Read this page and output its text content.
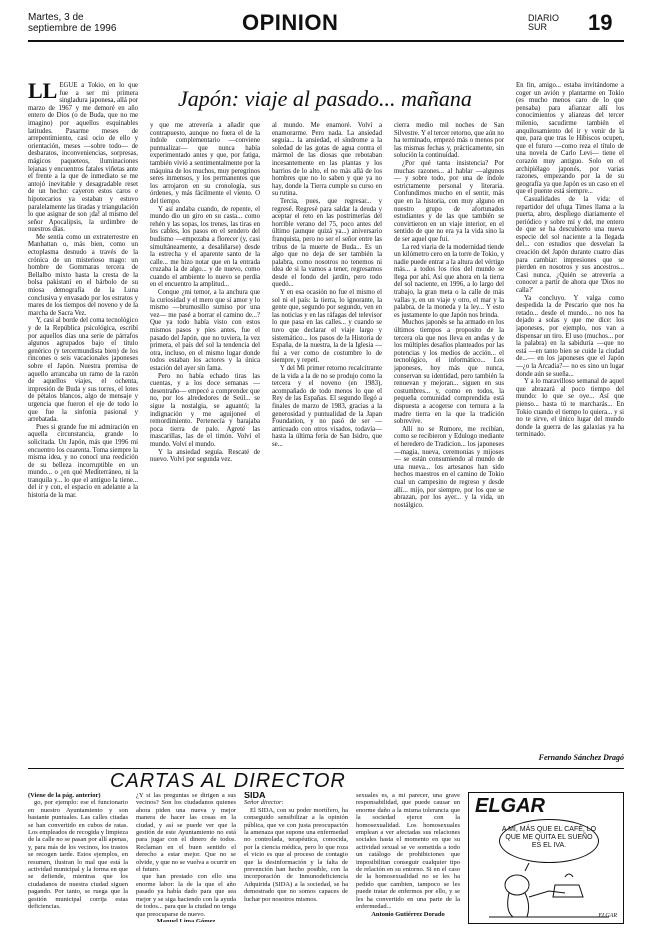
Martes, 3 de
septiembre de 1996	OPINION	DIARIO
SUR	19
Japón: viaje al pasado... mañana

LL EGUE a Tokio, en lo que fue a ser mi primera singladura japonesa, allá por marzo de 1967 y me demoré en año entero de Dios (o de Buda, que no me imagino) por aquellos esquinables latitudes. Pasarme meses de arrepentimiento, casi ocio de ello y orientación, meses —sobre todo— de desbaratos, inconveniencias, sorpresas, mágicos paqueteos, iluminaciones lejanas y encuentros fatales viñetas ante el frente a la que de inmediato se me antojó inevitable y desagradable reset de un hecho: cayeron estos caros e hipotecarios ya estaban y estuvo paralelamente las tiradas y triangulación lo que asignar de son ¡da! al mismo del señor Apocalipsis, la urdimbre de nuestros días.

Me sentía como un extraterrestre en Manhattan o, más bien, como un ectoplasma desnudo a través de la crónica de un misterioso mago: un hombre de Gommaras tercera de Bellalbo mixto hasta la cresta de la bolsa pakistaní en el bárbolo de su miosa demografía de la Luna conclusiva y envasado por los estratos y mares de los tiempos del noveno y de la marcha de Sacra Vez.

Y, casi al borde del coma tecnológico y de la República psicológica, escribí por aquellos días una serie de párrafos algunos agrupados bajo el título genérico (y tercermundista bien) de los rincones o seis vacacionales japoneses sobre el Japón. Nuestra premisa de aquello arrancaba un ramo de la razón de aquellos viajes, el ochenta, impresión de Buda y sus torres, el lotes de pétalos blancos, algo de mensaje y urgencia que fueron el eje de todo lo que fue la sinfonía pasional y arrebatada.

Pues si grande fue mi admiración en aquella circunstancia, grande lo solicitada. Un Japón, más que 1996 mi encuentro los cuarenta. Toma siempre la misma idea, y no conocí una reedición de su belleza incorruptible en un mundo... o ¿en qué Mediterráneo, ni la tranquila y... lo que el antiguo la tiene... del ir y con, el espacio en adelante a la historia de la mar.

y que me atrevería a añadir que contrapuesto, aunque no fuera el de la índole complementario —conviene puntualizar— que nunca había experimentado antes y que, por fatiga, también vivió a sentimentalmente por la máquina de los muchos, muy peregrinos seres inmensos, y los permanentes que los arrojaron en su cronología, sus órdenes, y más fácilmente el viento. O del tiempo.

Y así andaba cuando, de repente, el mundo dio un giro en su casta... como rehén y las sopas, los trenes, las tiras en los cables, los pasos en el sendero del budismo —empezaba a florecer (y, casi simultáneamente, a desaliñarse) desde la estrecha y el aparente santo de la calle... me hizo notar que en la entrada cruzaba la de algo... y de nuevo, como cuando el ambiente lo nuevo se perdía en el encuentro la amplitud...

Conque ¿mi temor, a la anchura que la curiosidad y el mero que sí amor y lo mismo —brumosillo sumiso por una vez— me pasé a borrar el camino de...? Que ya todo había visto con estos mismos pasos y pies antes, fue el pasado del Japón, que no tuviera, la vez primera, el país del sol la tendencia del otra, incluso, en el mismo lugar donde todos estaban los actores y la única estación del ayer sin fama.

Pero no había echado tiras las cuentas, y a los doce semanas —desentraño— empecé a comprender que no, por los alrededores de Seúl... se sigue la nostalgia, se aguantó; la indignación y me aguijoneé el remordimiento. Pertenecía y barajaba poca tierra de palo. Agreté las mascarillas, las de el timón. Volví el mundo. Volví el mundo.

Y la ansiedad seguía. Rescaté de nuevo. Volví por segunda vez.

al mundo. Me enamoré. Volví a enamorarme. Pero nada. La ansiedad seguía... la ansiedad, el síndrome a la soledad de las gotas de agua contra el mármol de las diosas que rebotaban incesantemente en las plantas y los barrios de lo alto, el no más allá de los hombres que no lo saben y que ya no hay, donde la Tierra cumple su curso en su rutina.

Tercia, pues, que regresar... y regresé. Regresé para saldar la deuda y aceptar el reto en las postrimerías del horrible verano del 75, poco antes del último (aunque quizá ya...) aniversario franquista, pero no ser el señor entre las tribus de la muerte de Buda... Es un algo que no deja de ser también la palabra, como nosotros no tenemos ni idea de si la vamos a tener, regresamos desde el fondo del jardín, pero todo quedó...

Y en esa ocasión no fue el mismo el sol ni el país: la tierra, lo ignorante, la gente que, segundo por segundo, ven en las noticias y en las ráfagas del televisor lo que pasa en las calles... y cuando se tuvo que declarar el viaje largo y sistemático... los pasos de la Historia de España, de la nuestra, la de la Iglesia —fui a ver como de costumbre lo de siempre, y repetí.

Y del Mi primer retorno recalcitrante de la vida a la de no se produjo como la tercera y el noveno (en 1983), acompañado de todo menos lo que el Rey de las Españas. El segundo llegó a finales de marzo de 1983, gracias a la generosidad y puntualidad de la Japan Foundation, y no pasó de ser —anticuado con otros visados, todavía— hasta la última feria de San Isidro, que se...

cierra medio mil noches de San Silvestre. Y el tercer retorno, que aún no ha terminado, empezó más o menos por las mismas fechas y, prácticamente, sin solución la continuidad.

¿Por qué tanta insistencia? Por muchas razones... al hablar —algunos— y sobre todo, por una de índole estrictamente personal y literaria. Confundimos mucho en el sentir, más que en la historia, con muy alguno en nuestro grupo de afortunados estudiantes y de las que también se convirtieron en un viaje interior, en el sentido de que no era ya la vida sino la de ser aquel que fui.

La red viaria de la modernidad tiende un kilómetro cero en la torre de Tokio, y nadie puede entrar a la altura del vértigo más... a todos los ríos del mundo se llega por ahí. Así que ahora en la tierra del sol naciente, en 1996, a lo largo del trabajo, la gran meta o la calle de más vallas y, en un viaje y otro, el mar y la palabra, de la moneda y la ley... Y esto es justamente lo que Japón nos brinda.

Muchos japonés se ha armado en los últimos tiempos a proposito de la tercera ola que nos lleva en andas y de los múltiples desafíos planteados por las potencias y los medios de acción... el tecnológico, el informático... Los japoneses, hoy más que nunca, conservan su identidad, pero también la renuevan y mejoran... siguen en sus costumbres... y, como en todos, la pequeña comunidad comprendida está dispuesta a acogerse con ternura a la madre tierra en la que la tradición sobrevive.

Allí no se Rumore, me recibían, como se recibieron y Edulogo mediante el heredero de Tradicion... los japoneses —magia, nueva, ceremonias y mijoses— se están consumiendo al mundo de una nueva... los artesanos han sido hechos maestros en el camino de Tokio cual un campesino de regreso y desde allí... mijo, por siempre, por los que se abrazan, por los ayer... y la vida, un nostálgico.

En fin, amigo... estaba invitándome a coger un avión y plantarme en Tokio (es mucho menos caro de lo que pensaba) para afianzar allí los conocimientos y alianzas del tercer milenio, sacudirme también el anquilosamiento del ir y venir de la que, para que tras le Hibiscos ocupen, que el futuro —como reza el título de una novela de Carlo Levi— tiene el corazón muy antiguo. Solo en el archipiélago japonés, por varias razones, empezando por la de su geografía ya que Japón es un caso en el que el puente está siempre...

Casualidades de la vida: el repartidor del ufuga Times llama a la puerta, abro, despliego diariamente el periódico y sobre mí y del, me entero de que se ha descubierto una nueva especie del sol naciente a la llegada del... con estudios que desvelan la creación del Japón durante cuatro días para cambiar: impresiones que se pierden en nosotros y sus ancestros... Casi nunca. ¿Quién se atrevería a conocer a partir de ahora que 'Dios no calla?'

Ya concluyo. Y valga como despedida la de Pescario que nos ha retado... desde el mundo... no nos ha dejado a solas y que me dice: los japoneses, por ejemplo, nos van a dispensar un tiro. El uso (muchos... por la palabra) en la sabiduría —que no está —en tanto bien se cuide la ciudad de...— en los japoneses que el Japón —¿o la Arcadia?— no es sino un lugar donde aún se sueña...

Y a lo maravilloso semanal de aquel que abrazará al poco tiempo del mundo: lo que se oye... Así que pienso... hasta tú te marcharás... En Tokio cuando el tiempo lo quiera... y si no te sirve, el único lugar del mundo donde la guerra de las galaxias ya ha terminado.

Fernando Sánchez Dragó
CARTAS AL DIRECTOR

(Viene de la pág. anterior)

go, por ejemplo: ese el funcionario en nuestro Ayuntamiento y son bastante puntuales. Las calles citadas se han convertido en cubos de ratas. Los empleados de recogida y limpieza de la calle no se pasan por allí apenas, y, para más de los vecinos, los trastos se recogen tarde. Estos ejemplos, en resumen, ilustran lo mal que está la actividad municipal y la forma en que se defiende, mientras que los ciudadanos de nuestra ciudad siguen pagando. Por tanto, se ruega que la gestión municipal corrija estas deficiencias.

¿Y si las preguntas se dirigen a sus vecinos? Son los ciudadanos quienes ahora piden una nueva y mejor manera de hacer las cosas en la ciudad, y así se puede ver que la gestión de este Ayuntamiento no está para jugar con el dinero de todos. Reclaman en el buen sentido el derecho a estar mejor. Que no se olvide, y que no se vuelva a ocurrir en el futuro.

que han prestado con ello una enorme labor: la de la que el año pasado ya había dado para que sea mejor y se siga haciendo con la ayuda de todos... para que la ciudad no tenga que preocuparse de nuevo.

Manuel Lima Gómez
SIDA

Señor director:

El SIDA, con su poder mortífero, ha conseguido sensibilizar a la opinión pública, que ve con justa preocupación la amenaza que supone una enfermedad no controlada, terapéutica, conocida, por la ciencia médica, pero lo que roza el vicio es que al proceso de contagio que la desinformación y la falta de prevención han hecho posible, con la incorporación de Inmunodeficiencia Adquirida (SIDA) a la sociedad, se ha demostrado que no somos capaces de luchar por nosotros mismos.

sexuales es, a mi parecer, una grave responsabilidad, que puede causar un enorme daño a la misma tolerancia que la sociedad ejerce con la homosexualidad. Los homosexuales emplean a ver afectadas sus relaciones sociales hasta el momento en que su actividad sexual se ve sometida a todo un catálogo de prohibiciones que imposibilitan conseguir cualquier tipo de relación en su entorno. Si en el caso de la homosexualidad no se les ha pedido que cambien, tampoco se les puede tratar de enfermos por ello, y se les ha convertido en una parte de la enfermedad...

Antonio Gutiérrez Dorado
ELGAR
A MÍ, MÁS QUE EL CAFÉ, LO QUE ME QUITA EL SUEÑO ES EL IVA.
ELGAR
